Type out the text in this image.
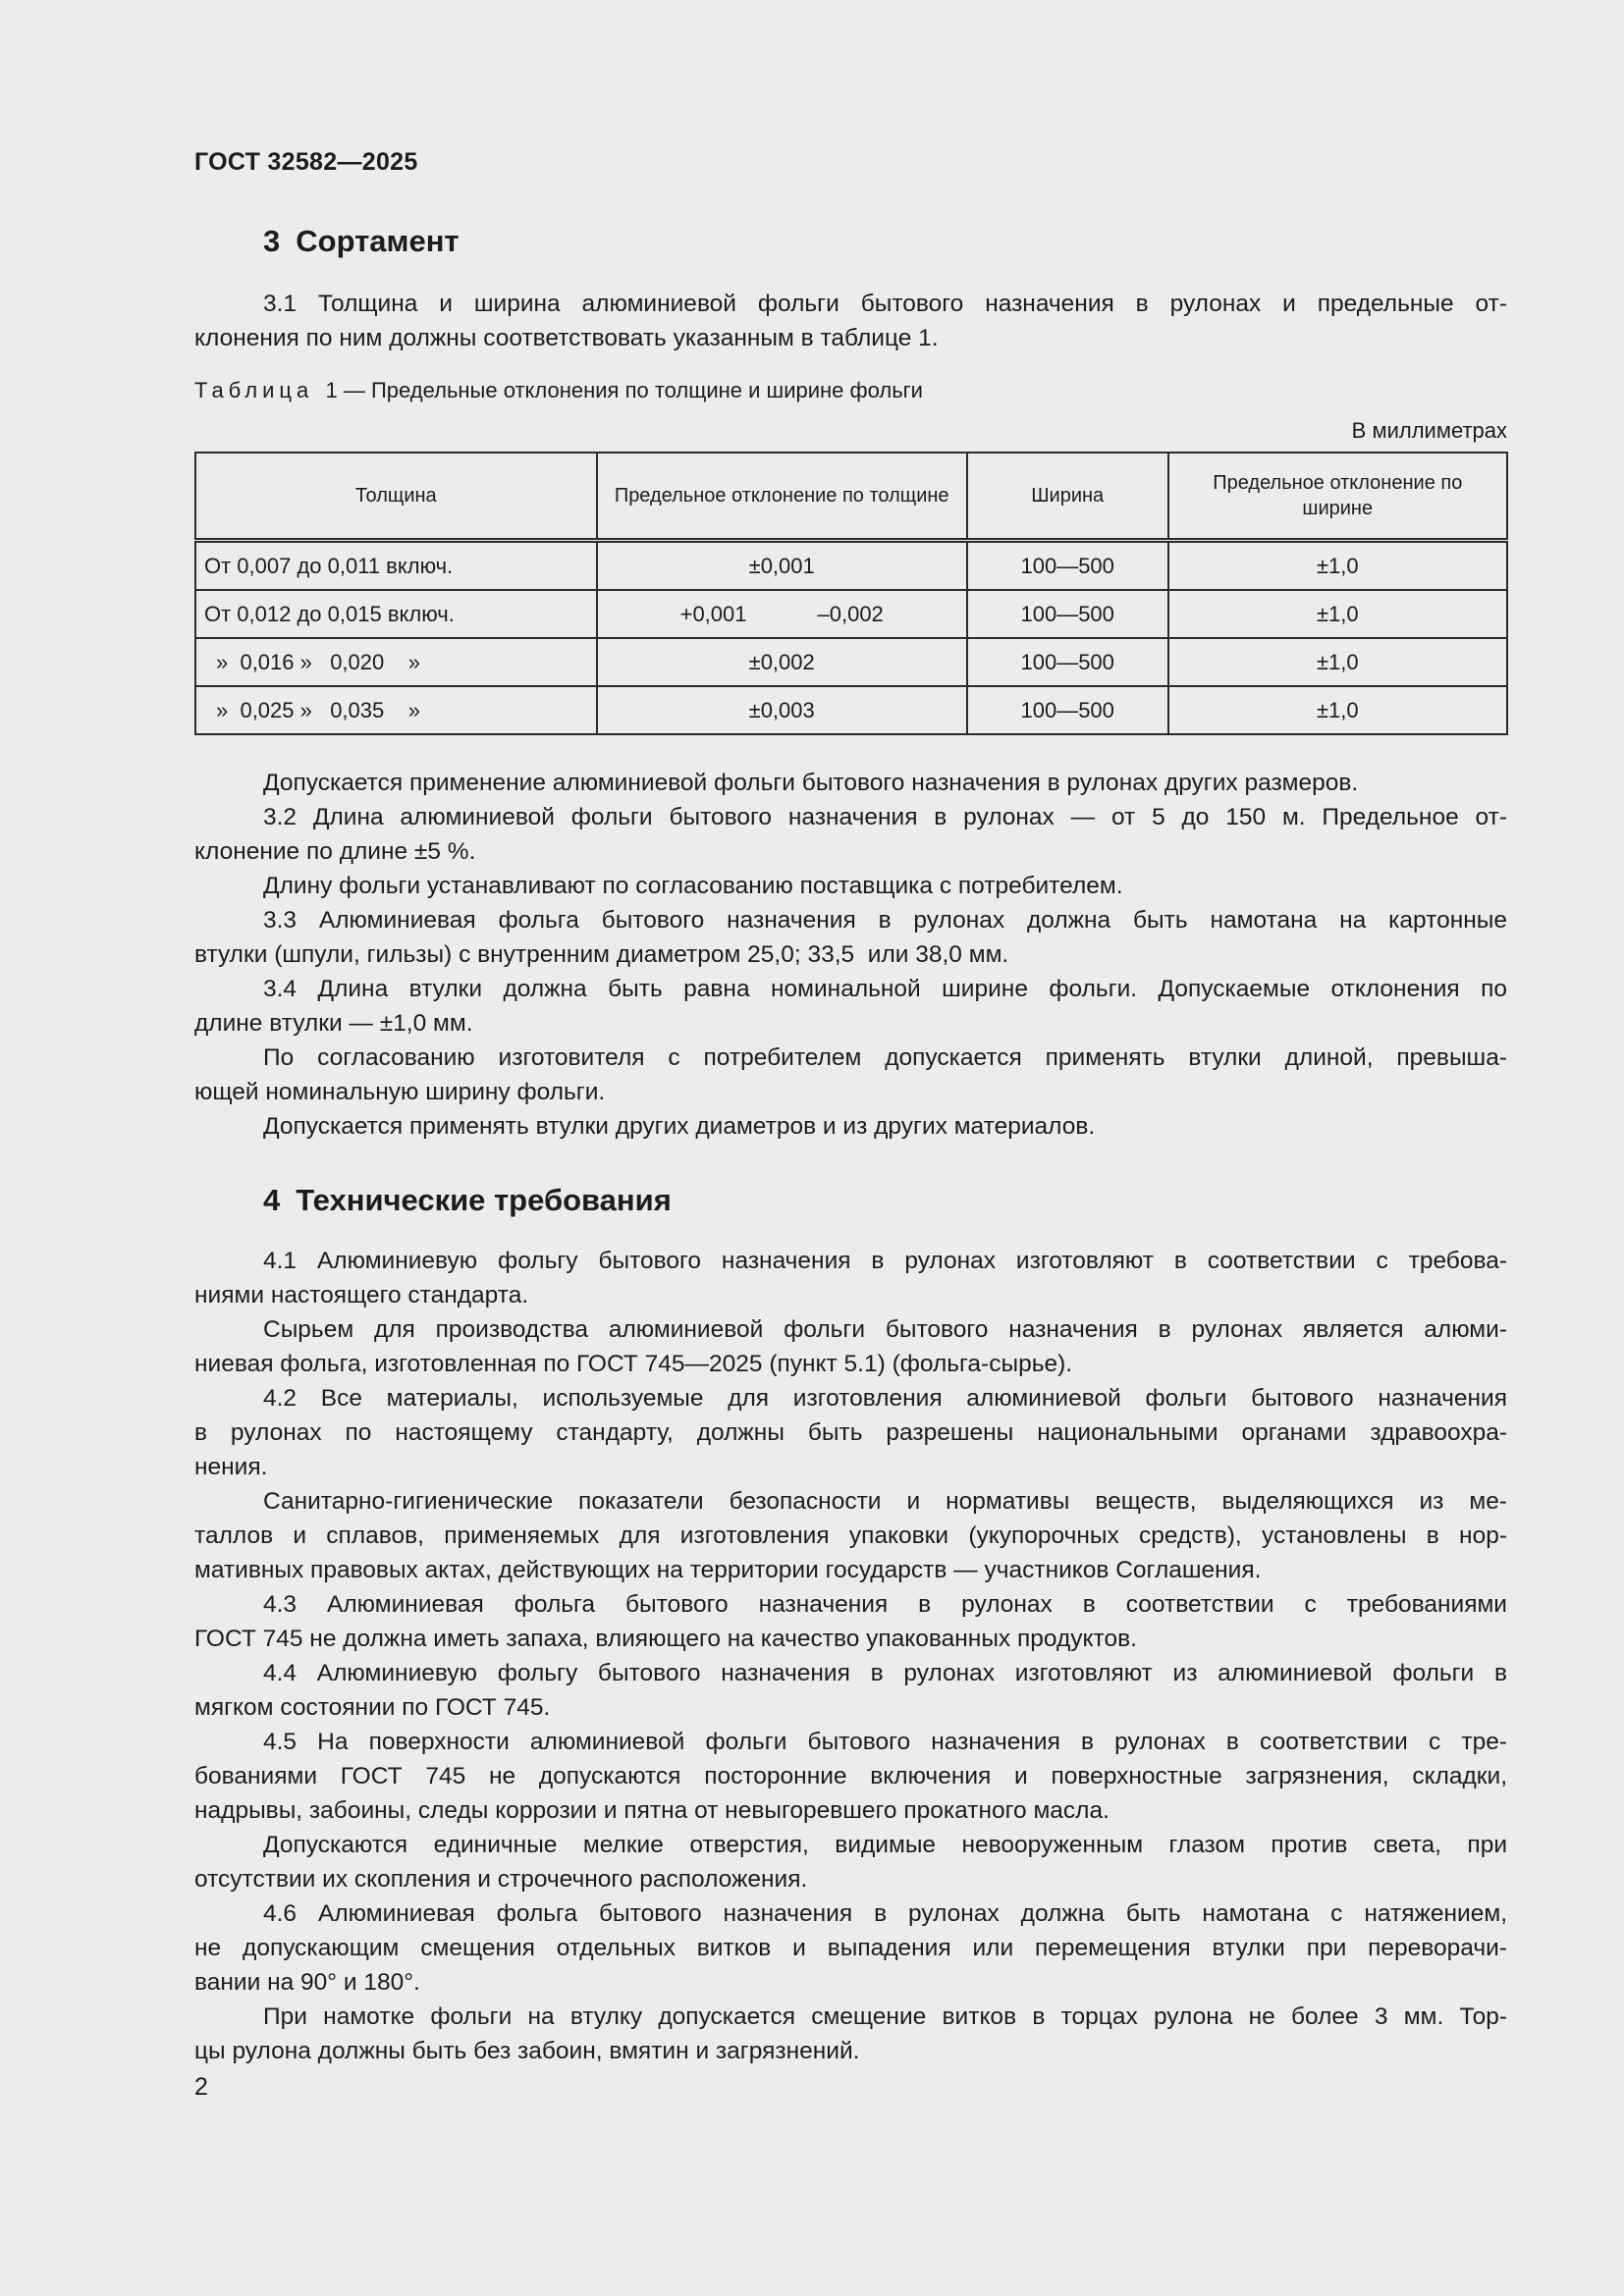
ГОСТ 32582—2025
3 Сортамент
3.1 Толщина и ширина алюминиевой фольги бытового назначения в рулонах и предельные от-
клонения по ним должны соответствовать указанным в таблице 1.
Таблица 1 — Предельные отклонения по толщине и ширине фольги
В миллиметрах
Толщина	Предельное отклонение по толщине	Ширина	Предельное отклонение по ширине
От 0,007 до 0,011 включ.	±0,001	100—500	±1,0
От 0,012 до 0,015 включ.	+0,001 –0,002	100—500	±1,0
»  0,016 »   0,020    »	±0,002	100—500	±1,0
»  0,025 »   0,035    »	±0,003	100—500	±1,0
Допускается применение алюминиевой фольги бытового назначения в рулонах других размеров.
3.2 Длина алюминиевой фольги бытового назначения в рулонах — от 5 до 150 м. Предельное от-
клонение по длине ±5 %.
Длину фольги устанавливают по согласованию поставщика с потребителем.
3.3 Алюминиевая фольга бытового назначения в рулонах должна быть намотана на картонные
втулки (шпули, гильзы) с внутренним диаметром 25,0; 33,5  или 38,0 мм.
3.4 Длина втулки должна быть равна номинальной ширине фольги. Допускаемые отклонения по
длине втулки — ±1,0 мм.
По согласованию изготовителя с потребителем допускается применять втулки длиной, превыша-
ющей номинальную ширину фольги.
Допускается применять втулки других диаметров и из других материалов.
4 Технические требования
4.1 Алюминиевую фольгу бытового назначения в рулонах изготовляют в соответствии с требова-
ниями настоящего стандарта.
Сырьем для производства алюминиевой фольги бытового назначения в рулонах является алюми-
ниевая фольга, изготовленная по ГОСТ 745—2025 (пункт 5.1) (фольга-сырье).
4.2 Все материалы, используемые для изготовления алюминиевой фольги бытового назначения
в рулонах по настоящему стандарту, должны быть разрешены национальными органами здравоохра-
нения.
Санитарно-гигиенические показатели безопасности и нормативы веществ, выделяющихся из ме-
таллов и сплавов, применяемых для изготовления упаковки (укупорочных средств), установлены в нор-
мативных правовых актах, действующих на территории государств — участников Соглашения.
4.3 Алюминиевая фольга бытового назначения в рулонах в соответствии с требованиями
ГОСТ 745 не должна иметь запаха, влияющего на качество упакованных продуктов.
4.4 Алюминиевую фольгу бытового назначения в рулонах изготовляют из алюминиевой фольги в
мягком состоянии по ГОСТ 745.
4.5 На поверхности алюминиевой фольги бытового назначения в рулонах в соответствии с тре-
бованиями ГОСТ 745 не допускаются посторонние включения и поверхностные загрязнения, складки,
надрывы, забоины, следы коррозии и пятна от невыгоревшего прокатного масла.
Допускаются единичные мелкие отверстия, видимые невооруженным глазом против света, при
отсутствии их скопления и строчечного расположения.
4.6 Алюминиевая фольга бытового назначения в рулонах должна быть намотана с натяжением,
не допускающим смещения отдельных витков и выпадения или перемещения втулки при переворачи-
вании на 90° и 180°.
При намотке фольги на втулку допускается смещение витков в торцах рулона не более 3 мм. Тор-
цы рулона должны быть без забоин, вмятин и загрязнений.
2
